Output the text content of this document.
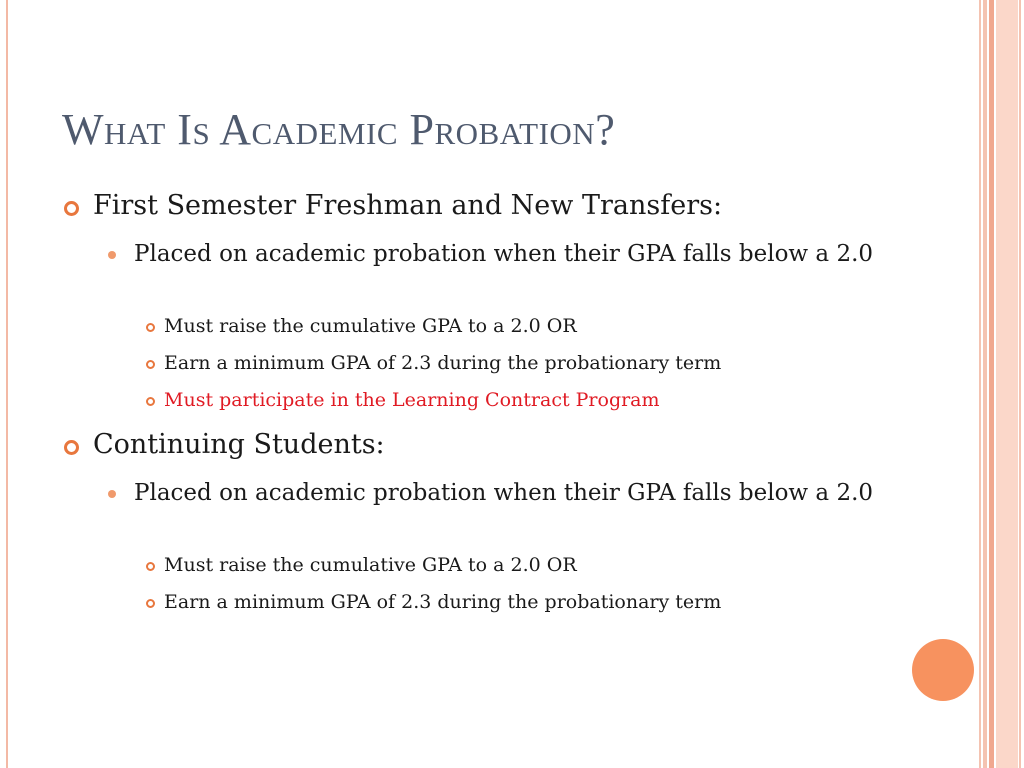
What Is Academic Probation?
First Semester Freshman and New Transfers:
Placed on academic probation when their GPA falls below a 2.0
Must raise the cumulative GPA to a 2.0 OR
Earn a minimum GPA of 2.3 during the probationary term
Must participate in the Learning Contract Program
Continuing Students:
Placed on academic probation when their GPA falls below a 2.0
Must raise the cumulative GPA to a 2.0 OR
Earn a minimum GPA of 2.3 during the probationary term
